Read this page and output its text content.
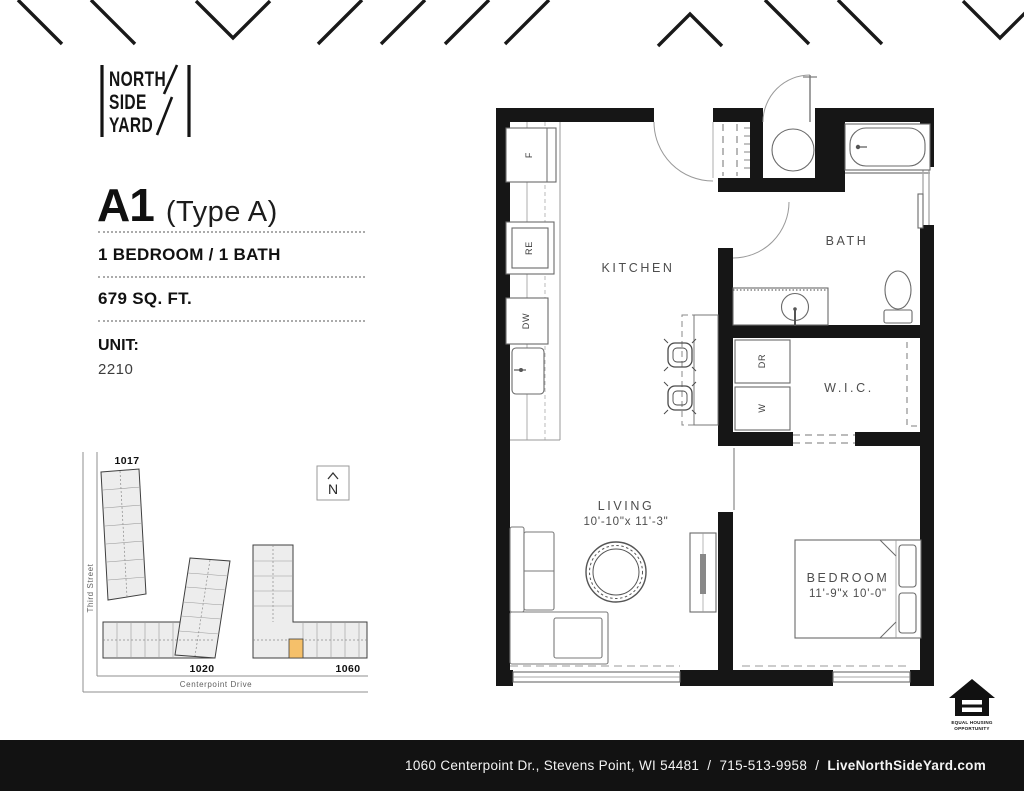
NORTH
SIDE
YARD
A1 (Type A)
1 BEDROOM / 1 BATH
679 SQ. FT.
UNIT:
2210
Third Street
Centerpoint Drive
N
1017
1020	1060
DR
W
F
RE
DW
KITCHEN
BATH
W.I.C.
LIVING
10'-10"x 11'-3"
BEDROOM
11'-9"x 10'-0"
EQUAL HOUSING
OPPORTUNITY
1060 Centerpoint Dr., Stevens Point, WI 54481 / 715-513-9958 / LiveNorthSideYard.com
